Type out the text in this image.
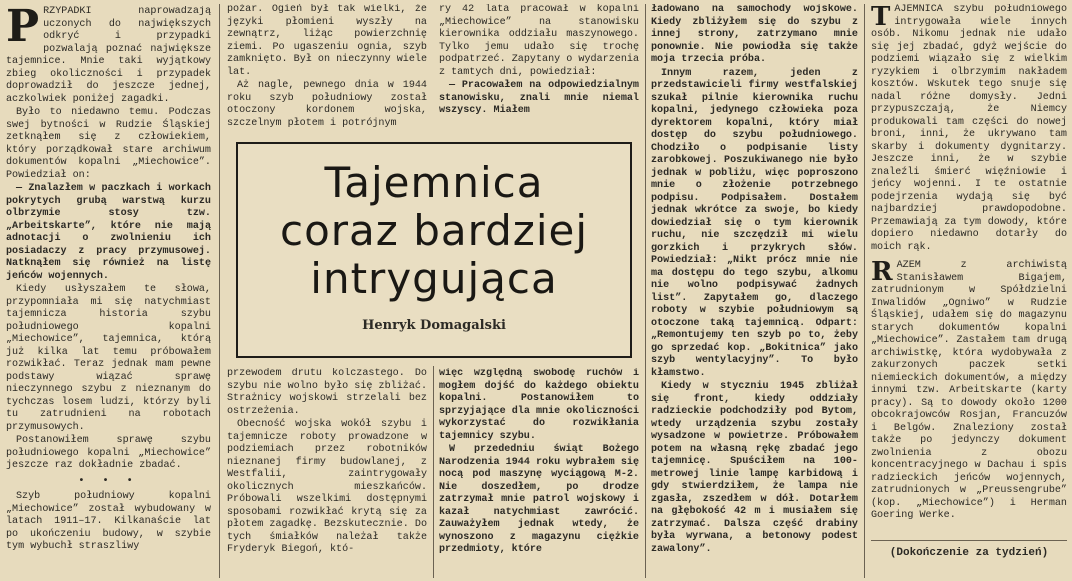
P RZYPADKI naprowadzają uczonych do największych odkryć i przypadki pozwalają poznać największe tajemnice. Mnie taki wyjątkowy zbieg okoliczności i przypadek doprowadził do jeszcze jednej, aczkolwiek poniżej zagadki.

Było to niedawno temu. Podczas swej bytności w Rudzie Śląskiej zetknąłem się z człowiekiem, który porządkował stare archiwum dokumentów kopalni „Miechowice”. Powiedział on:

— Znalazłem w paczkach i workach pokrytych grubą warstwą kurzu olbrzymie stosy tzw. „Arbeitskarte”, które nie mają adnotacji o zwolnieniu ich posiadaczy z pracy przymusowej. Natknąłem się również na listę jeńców wojennych.

Kiedy usłyszałem te słowa, przypomniała mi się natychmiast tajemnicza historia szybu południowego kopalni „Miechowice”, tajemnica, którą już kilka lat temu próbowałem rozwikłać. Teraz jednak mam pewne podstawy wiązać sprawę nieczynnego szybu z nieznanym do tychczas losem ludzi, którzy byli tu zatrudnieni na robotach przymusowych.

Postanowiłem sprawę szybu południowego kopalni „Miechowice” jeszcze raz dokładnie zbadać.

• • •

Szyb południowy kopalni „Miechowice” został wybudowany w latach 1911–17. Kilkanaście lat po ukończeniu budowy, w szybie tym wybuchł straszliwy

pożar. Ogień był tak wielki, że języki płomieni wyszły na zewnątrz, liżąc powierzchnię ziemi. Po ugaszeniu ognia, szyb zamknięto. Był on nieczynny wiele lat.

Aż nagle, pewnego dnia w 1944 roku szyb południowy został otoczony kordonem wojska, szczelnym płotem i potrójnym

ry 42 lata pracował w kopalni „Miechowice” na stanowisku kierownika oddziału maszynowego. Tylko jemu udało się trochę podpatrzeć. Zapytany o wydarzenia z tamtych dni, powiedział:

— Pracowałem na odpowiedzialnym stanowisku, znali mnie niemal wszyscy. Miałem

Tajemnica
coraz bardziej
intrygująca
Henryk Domagalski

przewodem drutu kolczastego. Do szybu nie wolno było się zbliżać. Strażnicy wojskowi strzelali bez ostrzeżenia.

Obecność wojska wokół szybu i tajemnicze roboty prowadzone w podziemiach przez robotników nieznanej firmy budowlanej, z Westfalii, zaintrygowały okolicznych mieszkańców. Próbowali wszelkimi dostępnymi sposobami rozwikłać krytą się za płotem zagadkę. Bezskutecznie. Do tych śmiałków należał także Fryderyk Biegoń, któ-

więc względną swobodę ruchów i mogłem dojść do każdego obiektu kopalni. Postanowiłem to sprzyjające dla mnie okoliczności wykorzystać do rozwikłania tajemnicy szybu.

W przededniu świąt Bożego Narodzenia 1944 roku wybrałem się nocą pod maszynę wyciągową M-2. Nie doszedłem, po drodze zatrzymał mnie patrol wojskowy i kazał natychmiast zawrócić. Zauważyłem jednak wtedy, że wynoszono z magazynu ciężkie przedmioty, które

ładowano na samochody wojskowe. Kiedy zbliżyłem się do szybu z innej strony, zatrzymano mnie ponownie. Nie powiodła się także moja trzecia próba.

Innym razem, jeden z przedstawicieli firmy westfalskiej szukał pilnie kierownika ruchu kopalni, jedynego człowieka poza dyrektorem kopalni, który miał dostęp do szybu południowego. Chodziło o podpisanie listy zarobkowej. Poszukiwanego nie było jednak w pobliżu, więc poproszono mnie o złożenie potrzebnego podpisu. Podpisałem. Dostałem jednak wkrótce za swoje, bo kiedy dowiedział się o tym kierownik ruchu, nie szczędził mi wielu gorzkich i przykrych słów. Powiedział: „Nikt prócz mnie nie ma dostępu do tego szybu, alkomu nie wolno podpisywać żadnych list”. Zapytałem go, dlaczego roboty w szybie południowym są otoczone taką tajemnicą. Odpart: „Remontujemy ten szyb po to, żeby go sprzedać kop. „Bokitnica” jako szyb wentylacyjny”. To było kłamstwo.

Kiedy w styczniu 1945 zbliżał się front, kiedy oddziały radzieckie podchodziły pod Bytom, wtedy urządzenia szybu zostały wysadzone w powietrze. Próbowałem potem na własną rękę zbadać jego tajemnicę. Spuściłem na 100-metrowej linie lampę karbidową i gdy stwierdziłem, że lampa nie zgasła, zszedłem w dół. Dotarłem na głębokość 42 m i musiałem się zatrzymać. Dalsza część drabiny była wyrwana, a betonowy podest zawalony”.

T AJEMNICA szybu południowego intrygowała wiele innych osób. Nikomu jednak nie udało się jej zbadać, gdyż wejście do podziemi wiązało się z wielkim ryzykiem i olbrzymim nakładem kosztów. Wskutek tego snuje się nadal różne domysły. Jedni przypuszczają, że Niemcy produkowali tam części do nowej broni, inni, że ukrywano tam skarby i dokumenty dygnitarzy. Jeszcze inni, że w szybie znaleźli śmierć więźniowie i jeńcy wojenni. I te ostatnie podejrzenia wydają się być najbardziej prawdopodobne. Przemawiają za tym dowody, które dopiero niedawno dotarły do moich rąk.

R AZEM z archiwistą Stanisławem Bigajem, zatrudnionym w Spółdzielni Inwalidów „Ogniwo” w Rudzie Śląskiej, udałem się do magazynu starych dokumentów kopalni „Miechowice”. Zastałem tam drugą archiwistkę, która wydobywała z zakurzonych paczek setki niemieckich dokumentów, a między innymi tzw. Arbeitskarte (karty pracy). Są to dowody około 1200 obcokrajowców Rosjan, Francuzów i Belgów. Znaleziony został także po jedynczy dokument zwolnienia z obozu koncentracyjnego w Dachau i spis radzieckich jeńców wojennych, zatrudnionych w „Preussengrube” (kop. „Miechowice”) i Herman Goering Werke.

(Dokończenie za tydzień)
